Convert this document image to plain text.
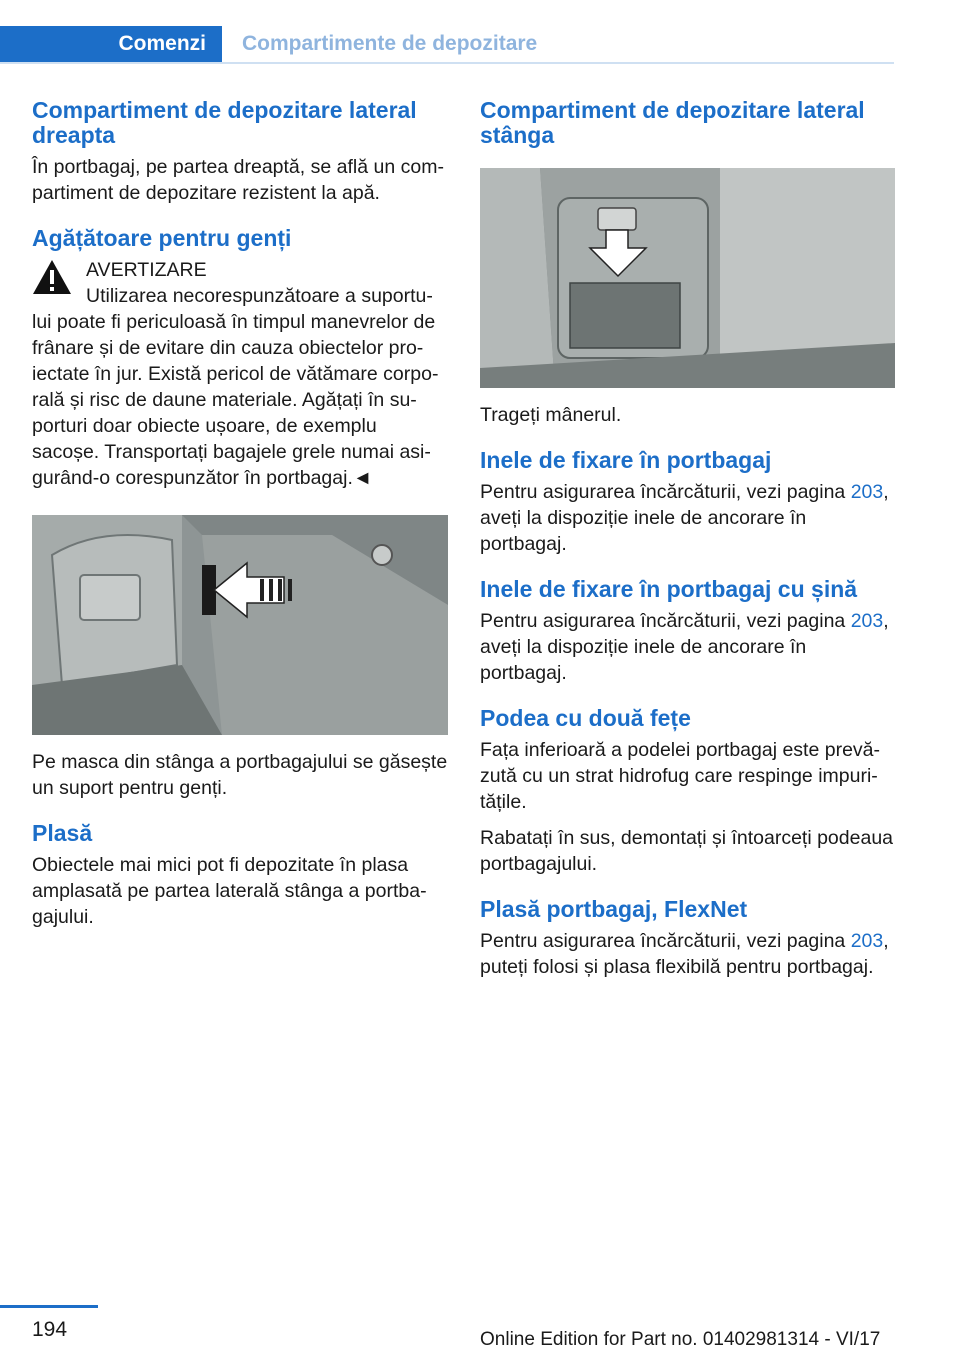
Comenzi	Compartimente de depozitare
Compartiment de depozitare lateral dreapta

În portbagaj, pe partea dreaptă, se află un compartiment de depozitare rezistent la apă.

Agățătoare pentru genți

AVERTIZARE

Utilizarea necorespunzătoare a suportu-

lui poate fi periculoasă în timpul manevrelor de

frânare și de evitare din cauza obiectelor pro-

iectate în jur. Există pericol de vătămare corpo-

rală și risc de daune materiale. Agățați în su-

porturi doar obiecte ușoare, de exemplu

sacoșe. Transportați bagajele grele numai asi-

gurând-o corespunzător în portbagaj.◄

Pe masca din stânga a portbagajului se găsește un suport pentru genți.

Plasă

Obiectele mai mici pot fi depozitate în plasa amplasată pe partea laterală stânga a portbagajului.

Compartiment de depozitare lateral stânga

Trageți mânerul.

Inele de fixare în portbagaj

Pentru asigurarea încărcăturii, vezi pagina 203, aveți la dispoziție inele de ancorare în portbagaj.

Inele de fixare în portbagaj cu șină

Pentru asigurarea încărcăturii, vezi pagina 203, aveți la dispoziție inele de ancorare în portbagaj.

Podea cu două fețe

Fața inferioară a podelei portbagaj este prevăzută cu un strat hidrofug care respinge impuritățile.

Rabatați în sus, demontați și întoarceți podeaua portbagajului.

Plasă portbagaj, FlexNet

Pentru asigurarea încărcăturii, vezi pagina 203, puteți folosi și plasa flexibilă pentru portbagaj.

194	Online Edition for Part no. 01402981314 - VI/17
